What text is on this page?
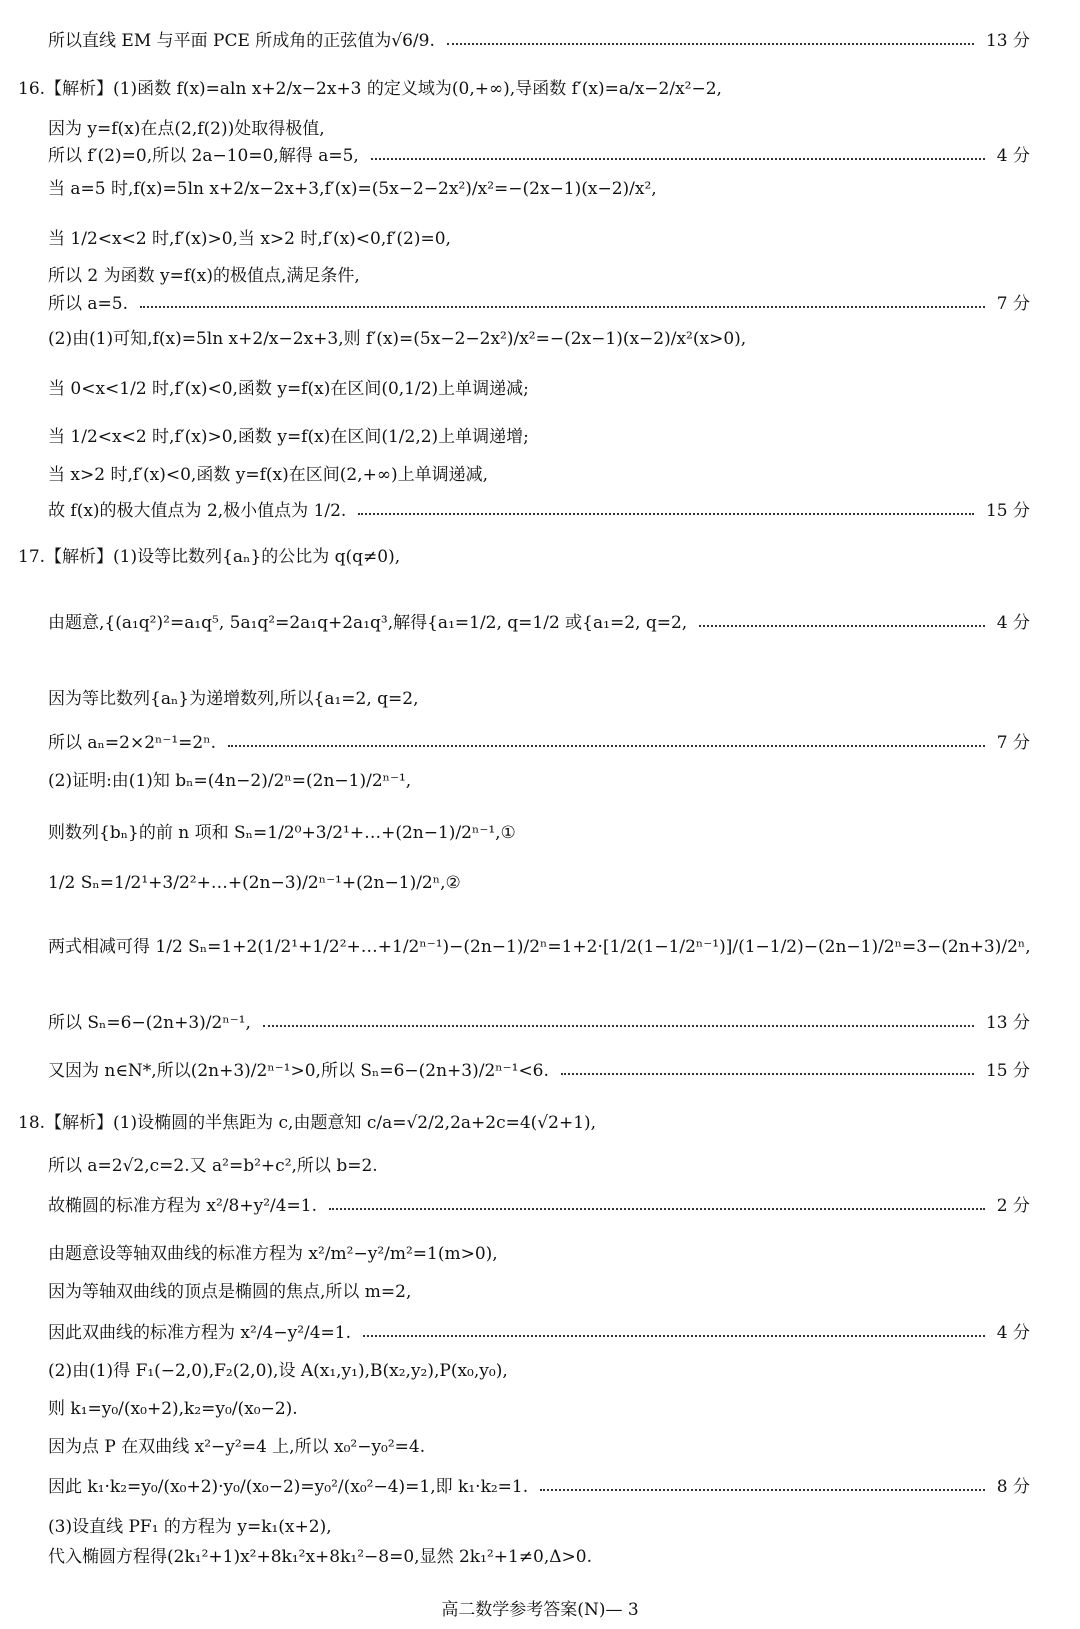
所以直线 EM 与平面 PCE 所成角的正弦值为√6/9.	13 分
16.【解析】(1)函数 f(x)=aln x+2/x−2x+3 的定义域为(0,+∞),导函数 f′(x)=a/x−2/x²−2,
因为 y=f(x)在点(2,f(2))处取得极值,
所以 f′(2)=0,所以 2a−10=0,解得 a=5,	4 分
当 a=5 时,f(x)=5ln x+2/x−2x+3,f′(x)=(5x−2−2x²)/x²=−(2x−1)(x−2)/x²,
当 1/2<x<2 时,f′(x)>0,当 x>2 时,f′(x)<0,f′(2)=0,
所以 2 为函数 y=f(x)的极值点,满足条件,
所以 a=5.	7 分
(2)由(1)可知,f(x)=5ln x+2/x−2x+3,则 f′(x)=(5x−2−2x²)/x²=−(2x−1)(x−2)/x²(x>0),
当 0<x<1/2 时,f′(x)<0,函数 y=f(x)在区间(0,1/2)上单调递减;
当 1/2<x<2 时,f′(x)>0,函数 y=f(x)在区间(1/2,2)上单调递增;
当 x>2 时,f′(x)<0,函数 y=f(x)在区间(2,+∞)上单调递减,
故 f(x)的极大值点为 2,极小值点为 1/2.	15 分
17.【解析】(1)设等比数列{aₙ}的公比为 q(q≠0),
由题意,{(a₁q²)²=a₁q⁵, 5a₁q²=2a₁q+2a₁q³,解得{a₁=1/2, q=1/2 或{a₁=2, q=2,	4 分
因为等比数列{aₙ}为递增数列,所以{a₁=2, q=2,
所以 aₙ=2×2ⁿ⁻¹=2ⁿ.	7 分
(2)证明:由(1)知 bₙ=(4n−2)/2ⁿ=(2n−1)/2ⁿ⁻¹,
则数列{bₙ}的前 n 项和 Sₙ=1/2⁰+3/2¹+…+(2n−1)/2ⁿ⁻¹,①
1/2 Sₙ=1/2¹+3/2²+…+(2n−3)/2ⁿ⁻¹+(2n−1)/2ⁿ,②
两式相减可得 1/2 Sₙ=1+2(1/2¹+1/2²+…+1/2ⁿ⁻¹)−(2n−1)/2ⁿ=1+2·[1/2(1−1/2ⁿ⁻¹)]/(1−1/2)−(2n−1)/2ⁿ=3−(2n+3)/2ⁿ,
所以 Sₙ=6−(2n+3)/2ⁿ⁻¹,	13 分
又因为 n∈N*,所以(2n+3)/2ⁿ⁻¹>0,所以 Sₙ=6−(2n+3)/2ⁿ⁻¹<6.	15 分
18.【解析】(1)设椭圆的半焦距为 c,由题意知 c/a=√2/2,2a+2c=4(√2+1),
所以 a=2√2,c=2.又 a²=b²+c²,所以 b=2.
故椭圆的标准方程为 x²/8+y²/4=1.	2 分
由题意设等轴双曲线的标准方程为 x²/m²−y²/m²=1(m>0),
因为等轴双曲线的顶点是椭圆的焦点,所以 m=2,
因此双曲线的标准方程为 x²/4−y²/4=1.	4 分
(2)由(1)得 F₁(−2,0),F₂(2,0),设 A(x₁,y₁),B(x₂,y₂),P(x₀,y₀),
则 k₁=y₀/(x₀+2),k₂=y₀/(x₀−2).
因为点 P 在双曲线 x²−y²=4 上,所以 x₀²−y₀²=4.
因此 k₁·k₂=y₀/(x₀+2)·y₀/(x₀−2)=y₀²/(x₀²−4)=1,即 k₁·k₂=1.	8 分
(3)设直线 PF₁ 的方程为 y=k₁(x+2),
代入椭圆方程得(2k₁²+1)x²+8k₁²x+8k₁²−8=0,显然 2k₁²+1≠0,Δ>0.
高二数学参考答案(N)— 3
